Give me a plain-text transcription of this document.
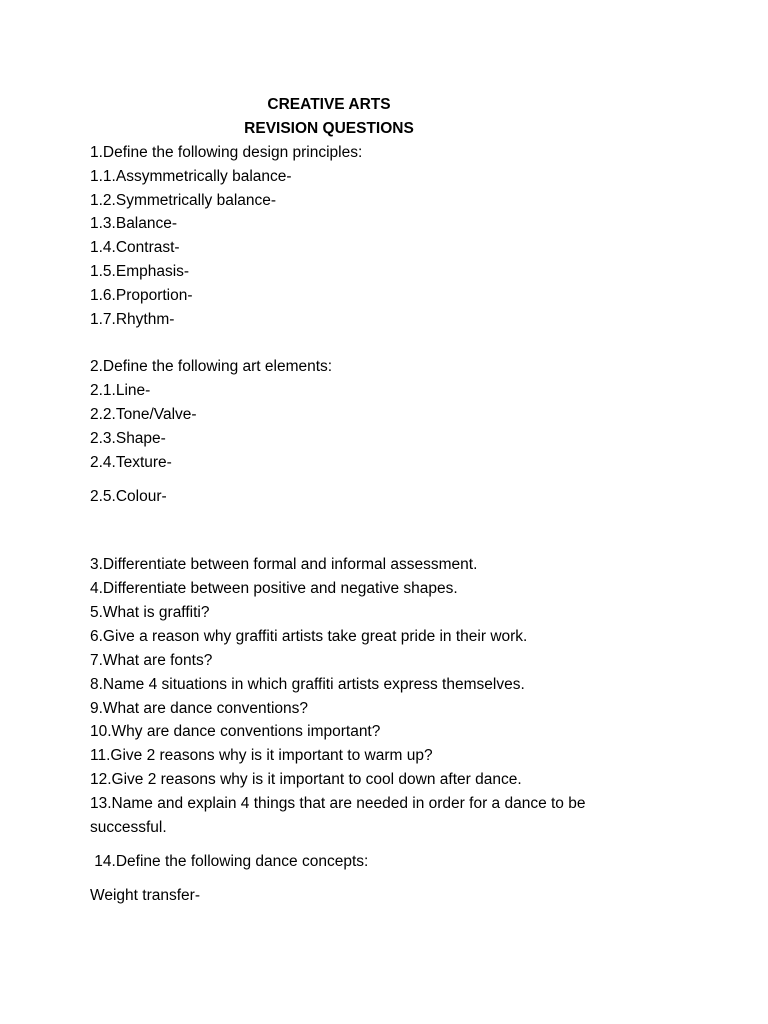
CREATIVE ARTS
REVISION QUESTIONS
1.Define the following design principles:
1.1.Assymmetrically balance-
1.2.Symmetrically balance-
1.3.Balance-
1.4.Contrast-
1.5.Emphasis-
1.6.Proportion-
1.7.Rhythm-
2.Define the following art elements:
2.1.Line-
2.2.Tone/Valve-
2.3.Shape-
2.4.Texture-
2.5.Colour-
3.Differentiate between formal and informal assessment.
4.Differentiate between positive and negative shapes.
5.What is graffiti?
6.Give a reason why graffiti artists take great pride in their work.
7.What are fonts?
8.Name 4 situations in which graffiti artists express themselves.
9.What are dance conventions?
10.Why are dance conventions important?
11.Give 2 reasons why is it important to warm up?
12.Give 2 reasons why is it important to cool down after dance.
13.Name and explain 4 things that are needed in order for a dance to be
successful.
14.Define the following dance concepts:
Weight transfer-
